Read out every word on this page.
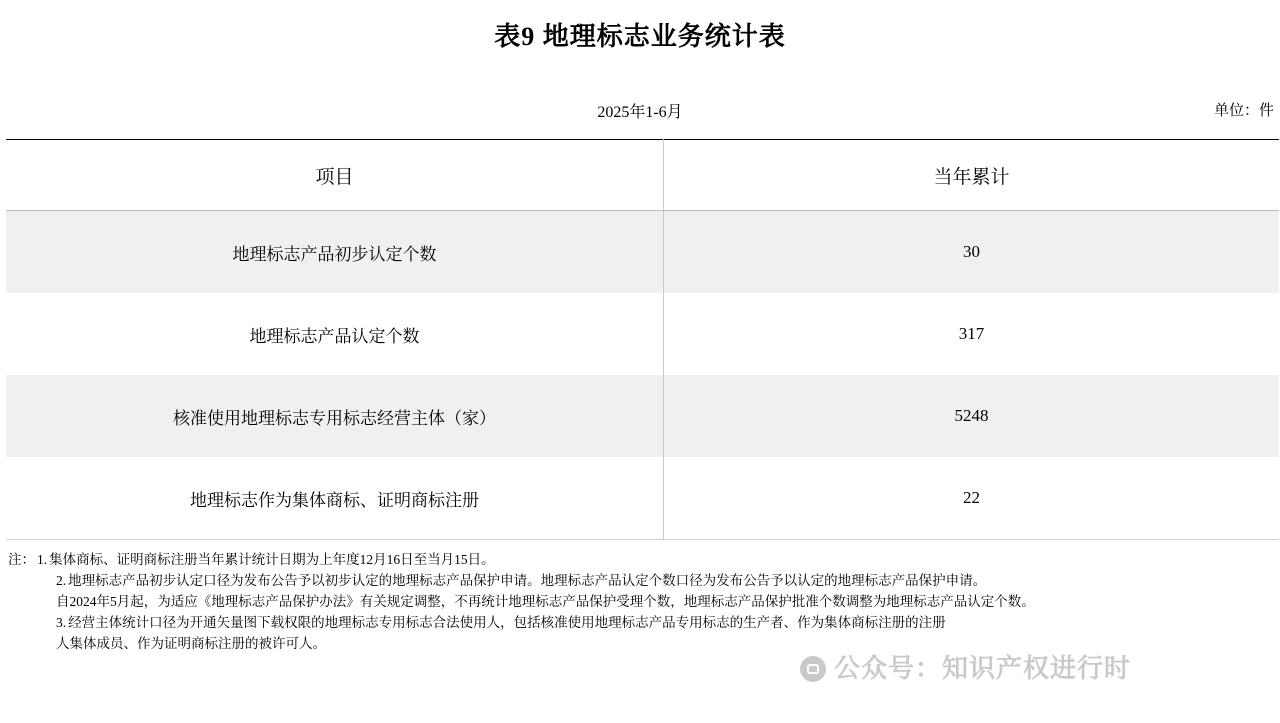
表9 地理标志业务统计表
2025年1-6月	单位：件
项目	当年累计
地理标志产品初步认定个数	30
地理标志产品认定个数	317
核准使用地理标志专用标志经营主体（家）	5248
地理标志作为集体商标、证明商标注册	22
注： 1. 集体商标、证明商标注册当年累计统计日期为上年度12月16日至当月15日。
2. 地理标志产品初步认定口径为发布公告予以初步认定的地理标志产品保护申请。地理标志产品认定个数口径为发布公告予以认定的地理标志产品保护申请。
自2024年5月起，为适应《地理标志产品保护办法》有关规定调整，不再统计地理标志产品保护受理个数，地理标志产品保护批准个数调整为地理标志产品认定个数。
3. 经营主体统计口径为开通矢量图下载权限的地理标志专用标志合法使用人，包括核准使用地理标志产品专用标志的生产者、作为集体商标注册的注册
人集体成员、作为证明商标注册的被许可人。
公众号：知识产权进行时
